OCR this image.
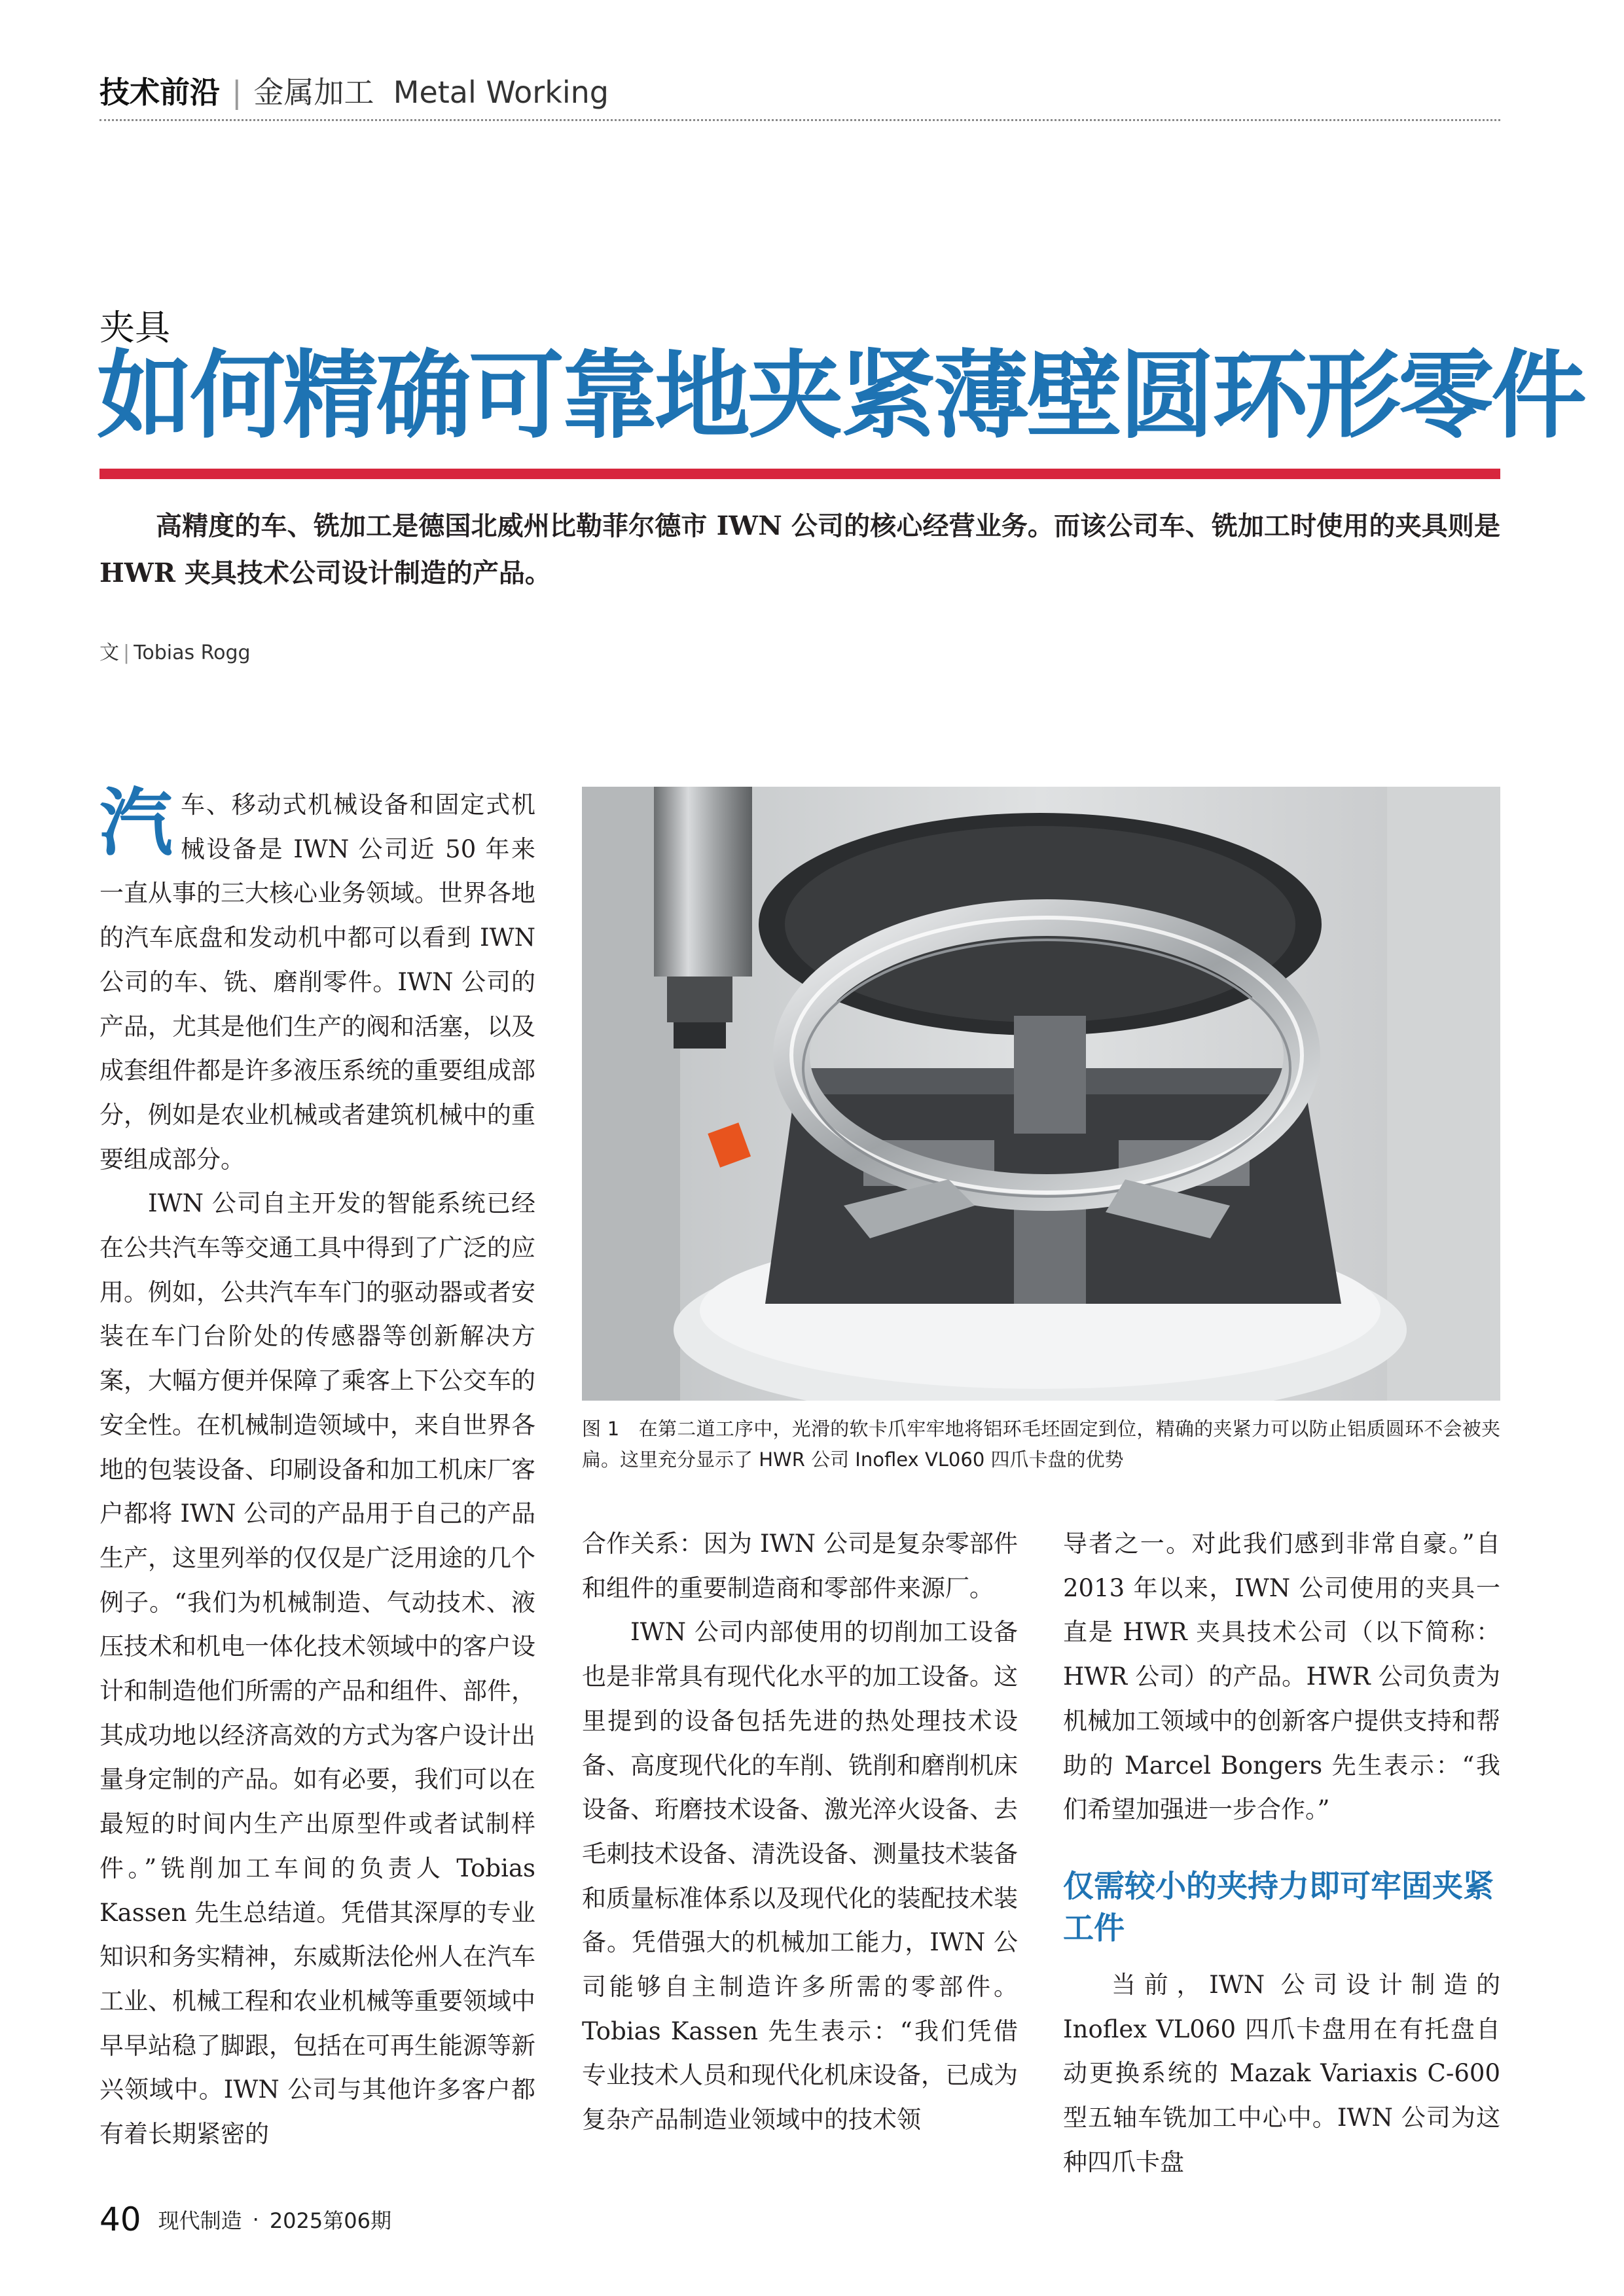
技术前沿 | 金属加工 Metal Working
夹具
如何精确可靠地夹紧薄壁圆环形零件
高精度的车、铣加工是德国北威州比勒菲尔德市 IWN 公司的核心经营业务。而该公司车、铣加工时使用的夹具则是 HWR 夹具技术公司设计制造的产品。
文 | Tobias Rogg

汽车、移动式机械设备和固定式机械设备是 IWN 公司近 50 年来一直从事的三大核心业务领域。世界各地的汽车底盘和发动机中都可以看到 IWN 公司的车、铣、磨削零件。IWN 公司的产品，尤其是他们生产的阀和活塞，以及成套组件都是许多液压系统的重要组成部分，例如是农业机械或者建筑机械中的重要组成部分。

IWN 公司自主开发的智能系统已经在公共汽车等交通工具中得到了广泛的应用。例如，公共汽车车门的驱动器或者安装在车门台阶处的传感器等创新解决方案，大幅方便并保障了乘客上下公交车的安全性。在机械制造领域中，来自世界各地的包装设备、印刷设备和加工机床厂客户都将 IWN 公司的产品用于自己的产品生产，这里列举的仅仅是广泛用途的几个例子。“我们为机械制造、气动技术、液压技术和机电一体化技术领域中的客户设计和制造他们所需的产品和组件、部件，其成功地以经济高效的方式为客户设计出量身定制的产品。如有必要，我们可以在最短的时间内生产出原型件或者试制样件。”铣削加工车间的负责人 Tobias Kassen 先生总结道。凭借其深厚的专业知识和务实精神，东威斯法伦州人在汽车工业、机械工程和农业机械等重要领域中早早站稳了脚跟，包括在可再生能源等新兴领域中。IWN 公司与其他许多客户都有着长期紧密的

图 1　在第二道工序中，光滑的软卡爪牢牢地将铝环毛坯固定到位，精确的夹紧力可以防止铝质圆环不会被夹扁。这里充分显示了 HWR 公司 Inoflex VL060 四爪卡盘的优势

合作关系：因为 IWN 公司是复杂零部件和组件的重要制造商和零部件来源厂。

IWN 公司内部使用的切削加工设备也是非常具有现代化水平的加工设备。这里提到的设备包括先进的热处理技术设备、高度现代化的车削、铣削和磨削机床设备、珩磨技术设备、激光淬火设备、去毛刺技术设备、清洗设备、测量技术装备和质量标准体系以及现代化的装配技术装备。凭借强大的机械加工能力，IWN 公司能够自主制造许多所需的零部件。Tobias Kassen 先生表示：“我们凭借专业技术人员和现代化机床设备，已成为复杂产品制造业领域中的技术领

导者之一。对此我们感到非常自豪。”自 2013 年以来，IWN 公司使用的夹具一直是 HWR 夹具技术公司（以下简称：HWR 公司）的产品。HWR 公司负责为机械加工领域中的创新客户提供支持和帮助的 Marcel Bongers 先生表示：“我们希望加强进一步合作。”

仅需较小的夹持力即可牢固夹紧工件

当前，IWN 公司设计制造的 Inoflex VL060 四爪卡盘用在有托盘自动更换系统的 Mazak Variaxis C-600 型五轴车铣加工中心中。IWN 公司为这种四爪卡盘

40 现代制造 · 2025第06期
